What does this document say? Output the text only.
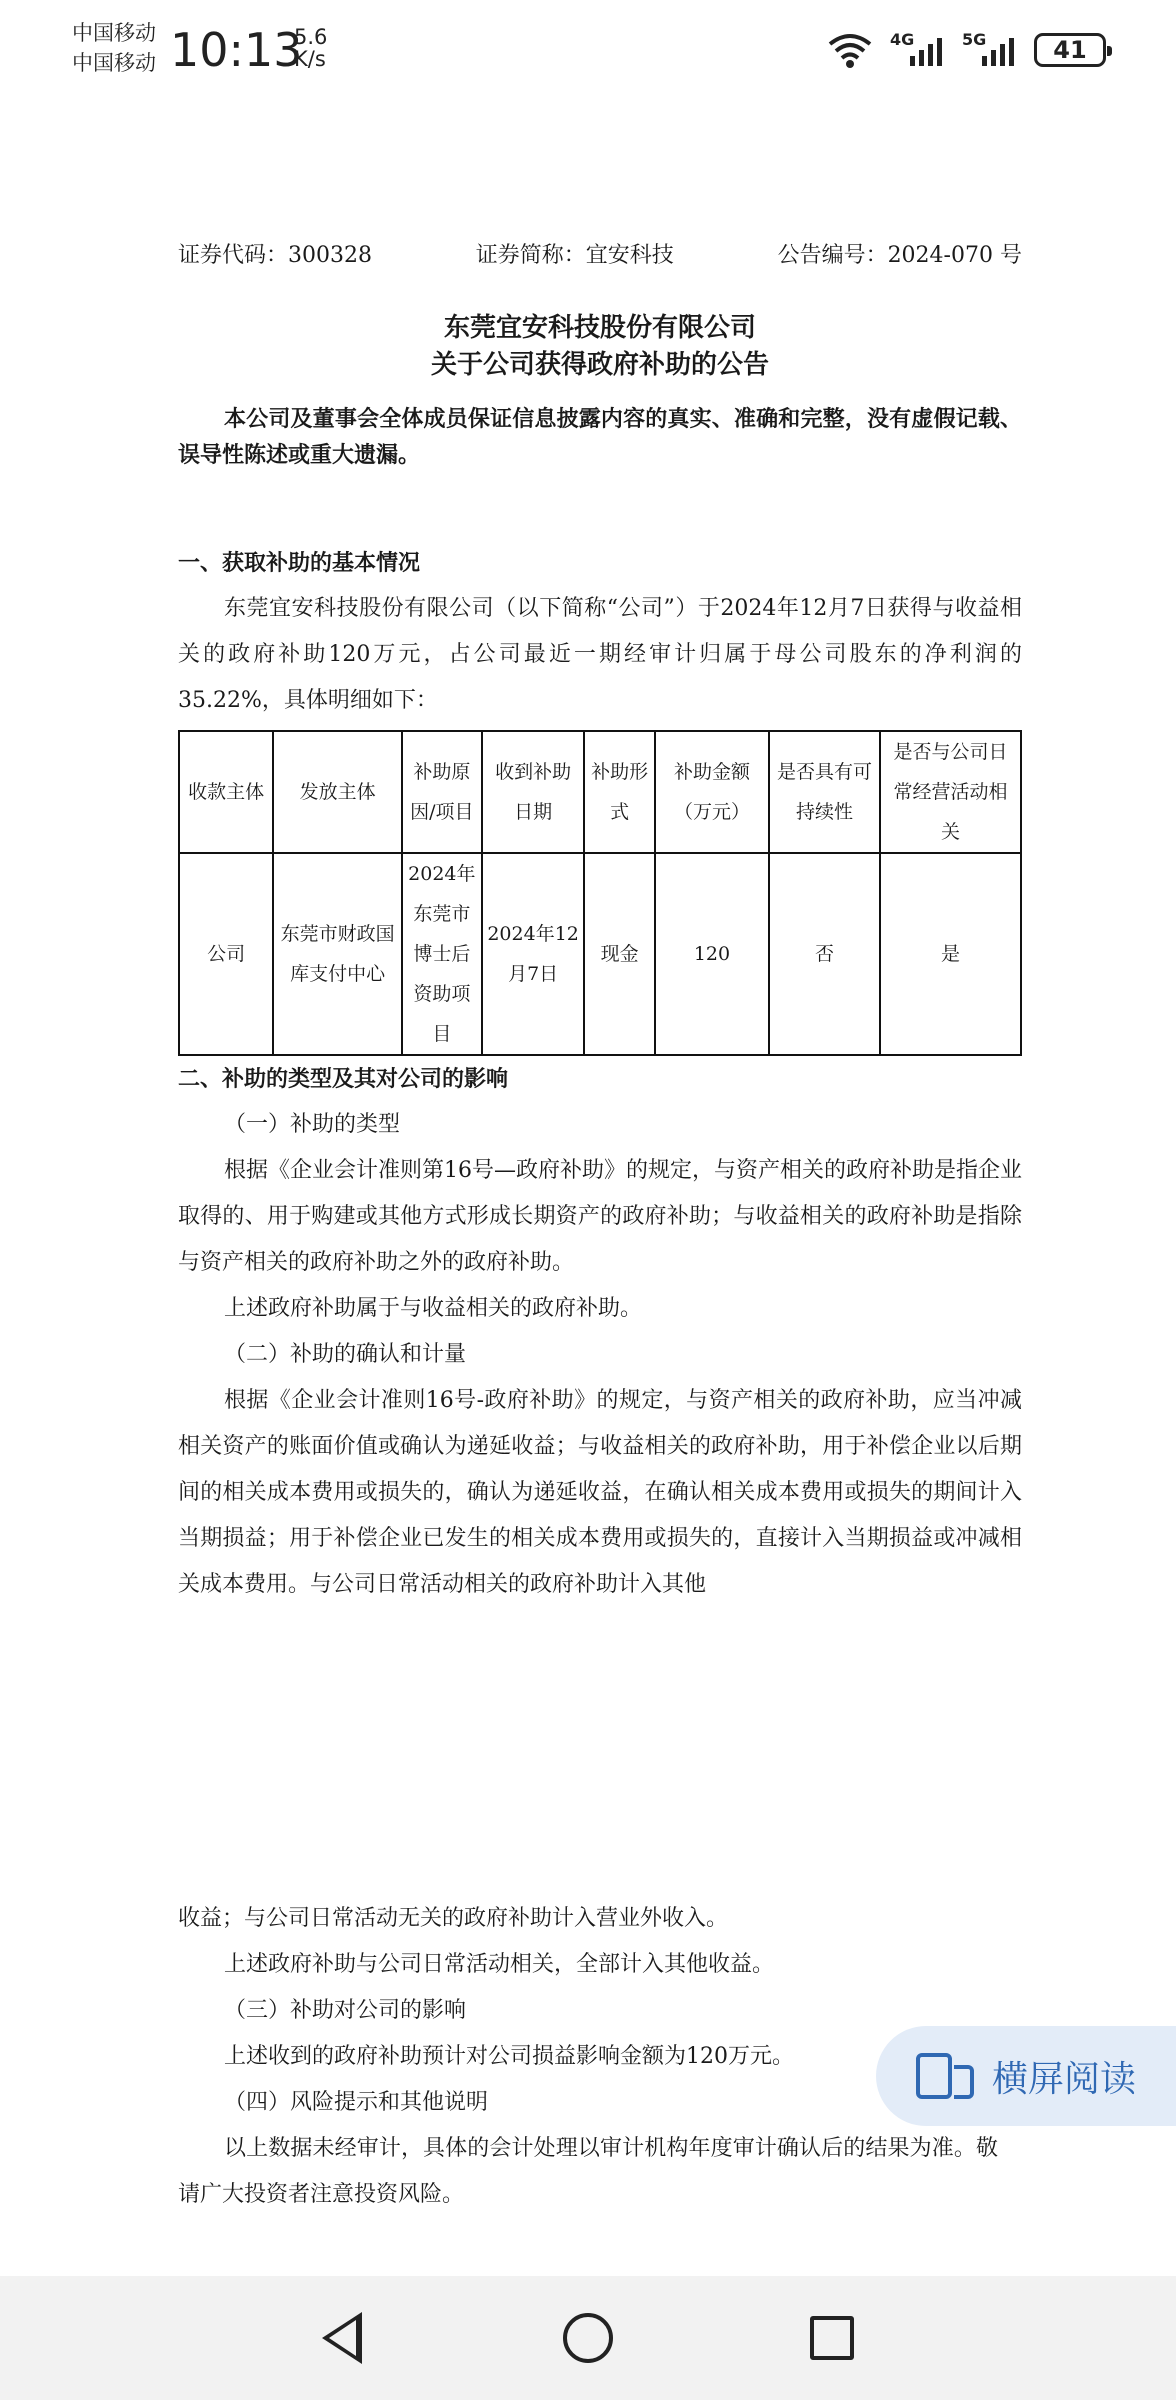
中国移动
中国移动 10:13
5.6
K/s
4G	5G	41
证券代码：300328	证券简称：宜安科技	公告编号：2024-070 号
东莞宜安科技股份有限公司
关于公司获得政府补助的公告
本公司及董事会全体成员保证信息披露内容的真实、准确和完整，没有虚假记载、误导性陈述或重大遗漏。
一、获取补助的基本情况
东莞宜安科技股份有限公司（以下简称“公司”）于2024年12月7日获得与收益相关的政府补助120万元，占公司最近一期经审计归属于母公司股东的净利润的35.22%，具体明细如下：
收款主体	发放主体	补助原因/项目	收到补助日期	补助形式	补助金额（万元）	是否具有可持续性	是否与公司日常经营活动相关
公司	东莞市财政国库支付中心	2024年东莞市博士后资助项目	2024年12月7日	现金	120	否	是
二、补助的类型及其对公司的影响
（一）补助的类型
根据《企业会计准则第16号—政府补助》的规定，与资产相关的政府补助是指企业取得的、用于购建或其他方式形成长期资产的政府补助；与收益相关的政府补助是指除与资产相关的政府补助之外的政府补助。
上述政府补助属于与收益相关的政府补助。
（二）补助的确认和计量
根据《企业会计准则16号-政府补助》的规定，与资产相关的政府补助，应当冲减相关资产的账面价值或确认为递延收益；与收益相关的政府补助，用于补偿企业以后期间的相关成本费用或损失的，确认为递延收益，在确认相关成本费用或损失的期间计入当期损益；用于补偿企业已发生的相关成本费用或损失的，直接计入当期损益或冲减相关成本费用。与公司日常活动相关的政府补助计入其他
收益；与公司日常活动无关的政府补助计入营业外收入。
上述政府补助与公司日常活动相关，全部计入其他收益。
（三）补助对公司的影响
上述收到的政府补助预计对公司损益影响金额为120万元。
（四）风险提示和其他说明
以上数据未经审计，具体的会计处理以审计机构年度审计确认后的结果为准。敬请广大投资者注意投资风险。
横屏阅读
